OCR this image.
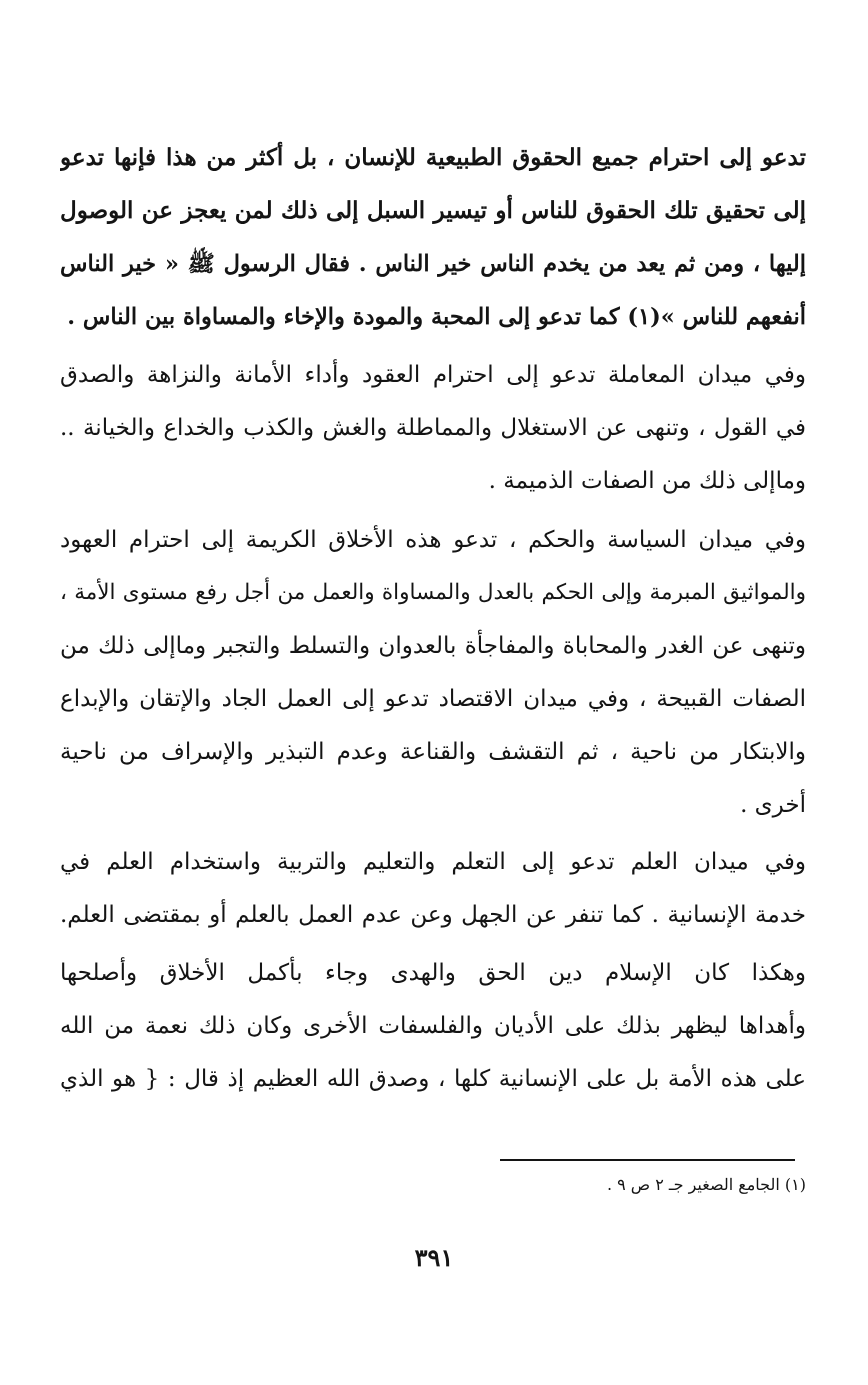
تدعو إلى احترام جميع الحقوق الطبيعية للإنسان ، بل أكثر من هذا فإنها تدعو
إلى تحقيق تلك الحقوق للناس أو تيسير السبل إلى ذلك لمن يعجز عن الوصول
إليها ، ومن ثم يعد من يخدم الناس خير الناس . فقال الرسول ﷺ « خير الناس
أنفعهم للناس »(١) كما تدعو إلى المحبة والمودة والإخاء والمساواة بين الناس .
وفي ميدان المعاملة تدعو إلى احترام العقود وأداء الأمانة والنزاهة والصدق
في القول ، وتنهى عن الاستغلال والمماطلة والغش والكذب والخداع والخيانة ..
وماإلى ذلك من الصفات الذميمة .
وفي ميدان السياسة والحكم ، تدعو هذه الأخلاق الكريمة إلى احترام العهود
والمواثيق المبرمة وإلى الحكم بالعدل والمساواة والعمل من أجل رفع مستوى الأمة ،
وتنهى عن الغدر والمحاباة والمفاجأة بالعدوان والتسلط والتجبر وماإلى ذلك من
الصفات القبيحة ، وفي ميدان الاقتصاد تدعو إلى العمل الجاد والإتقان والإبداع
والابتكار من ناحية ، ثم التقشف والقناعة وعدم التبذير والإسراف من ناحية
أخرى .
وفي ميدان العلم تدعو إلى التعلم والتعليم والتربية واستخدام العلم في
خدمة الإنسانية . كما تنفر عن الجهل وعن عدم العمل بالعلم أو بمقتضى العلم.
وهكذا كان الإسلام دين الحق والهدى وجاء بأكمل الأخلاق وأصلحها
وأهداها ليظهر بذلك على الأديان والفلسفات الأخرى وكان ذلك نعمة من الله
على هذه الأمة بل على الإنسانية كلها ، وصدق الله العظيم إذ قال : { هو الذي
(١) الجامع الصغير جـ ٢ ص ٩ .
٣٩١
